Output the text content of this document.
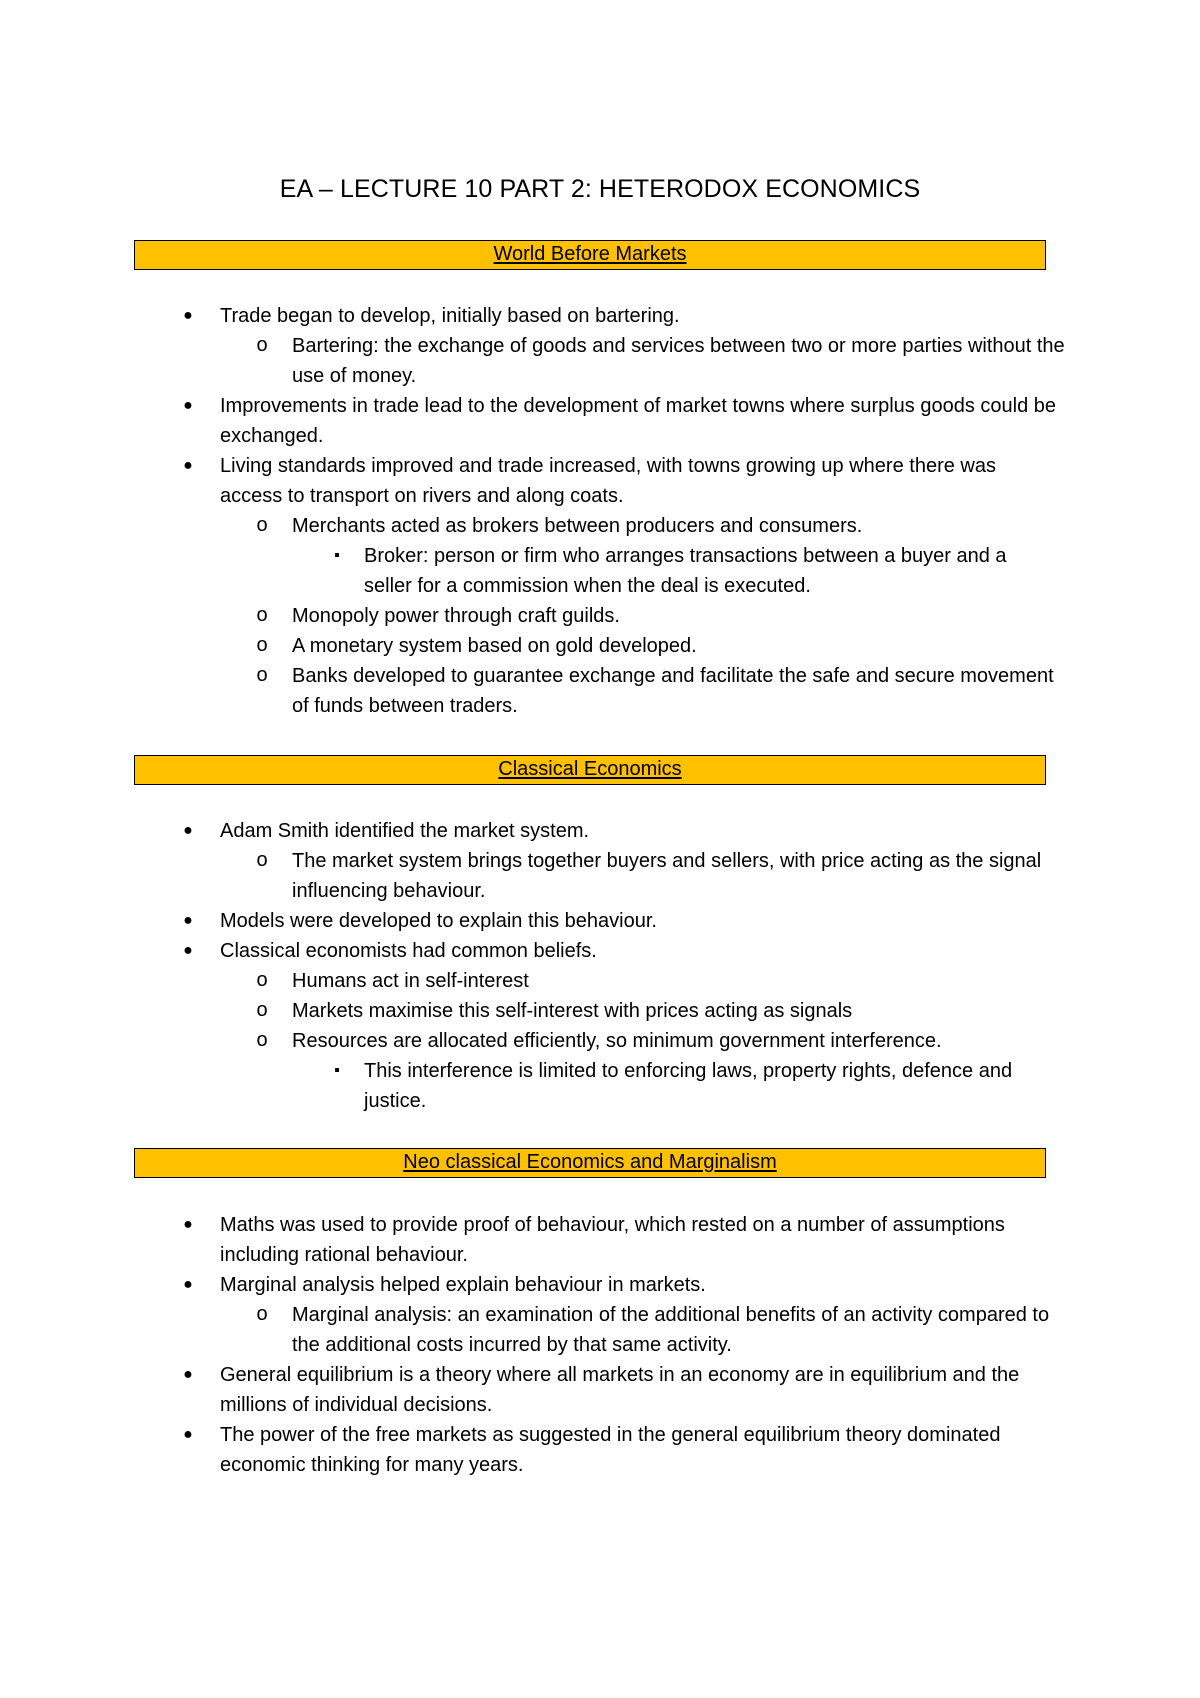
EA – LECTURE 10 PART 2: HETERODOX ECONOMICS
World Before Markets
● Trade began to develop, initially based on bartering.
o Bartering: the exchange of goods and services between two or more parties without the use of money.
● Improvements in trade lead to the development of market towns where surplus goods could be exchanged.
● Living standards improved and trade increased, with towns growing up where there was access to transport on rivers and along coats.
o Merchants acted as brokers between producers and consumers.
▪ Broker: person or firm who arranges transactions between a buyer and a seller for a commission when the deal is executed.
o Monopoly power through craft guilds.
o A monetary system based on gold developed.
o Banks developed to guarantee exchange and facilitate the safe and secure movement of funds between traders.
Classical Economics
● Adam Smith identified the market system.
o The market system brings together buyers and sellers, with price acting as the signal influencing behaviour.
● Models were developed to explain this behaviour.
● Classical economists had common beliefs.
o Humans act in self-interest
o Markets maximise this self-interest with prices acting as signals
o Resources are allocated efficiently, so minimum government interference.
▪ This interference is limited to enforcing laws, property rights, defence and justice.
Neo classical Economics and Marginalism
● Maths was used to provide proof of behaviour, which rested on a number of assumptions including rational behaviour.
● Marginal analysis helped explain behaviour in markets.
o Marginal analysis: an examination of the additional benefits of an activity compared to the additional costs incurred by that same activity.
● General equilibrium is a theory where all markets in an economy are in equilibrium and the millions of individual decisions.
● The power of the free markets as suggested in the general equilibrium theory dominated economic thinking for many years.
